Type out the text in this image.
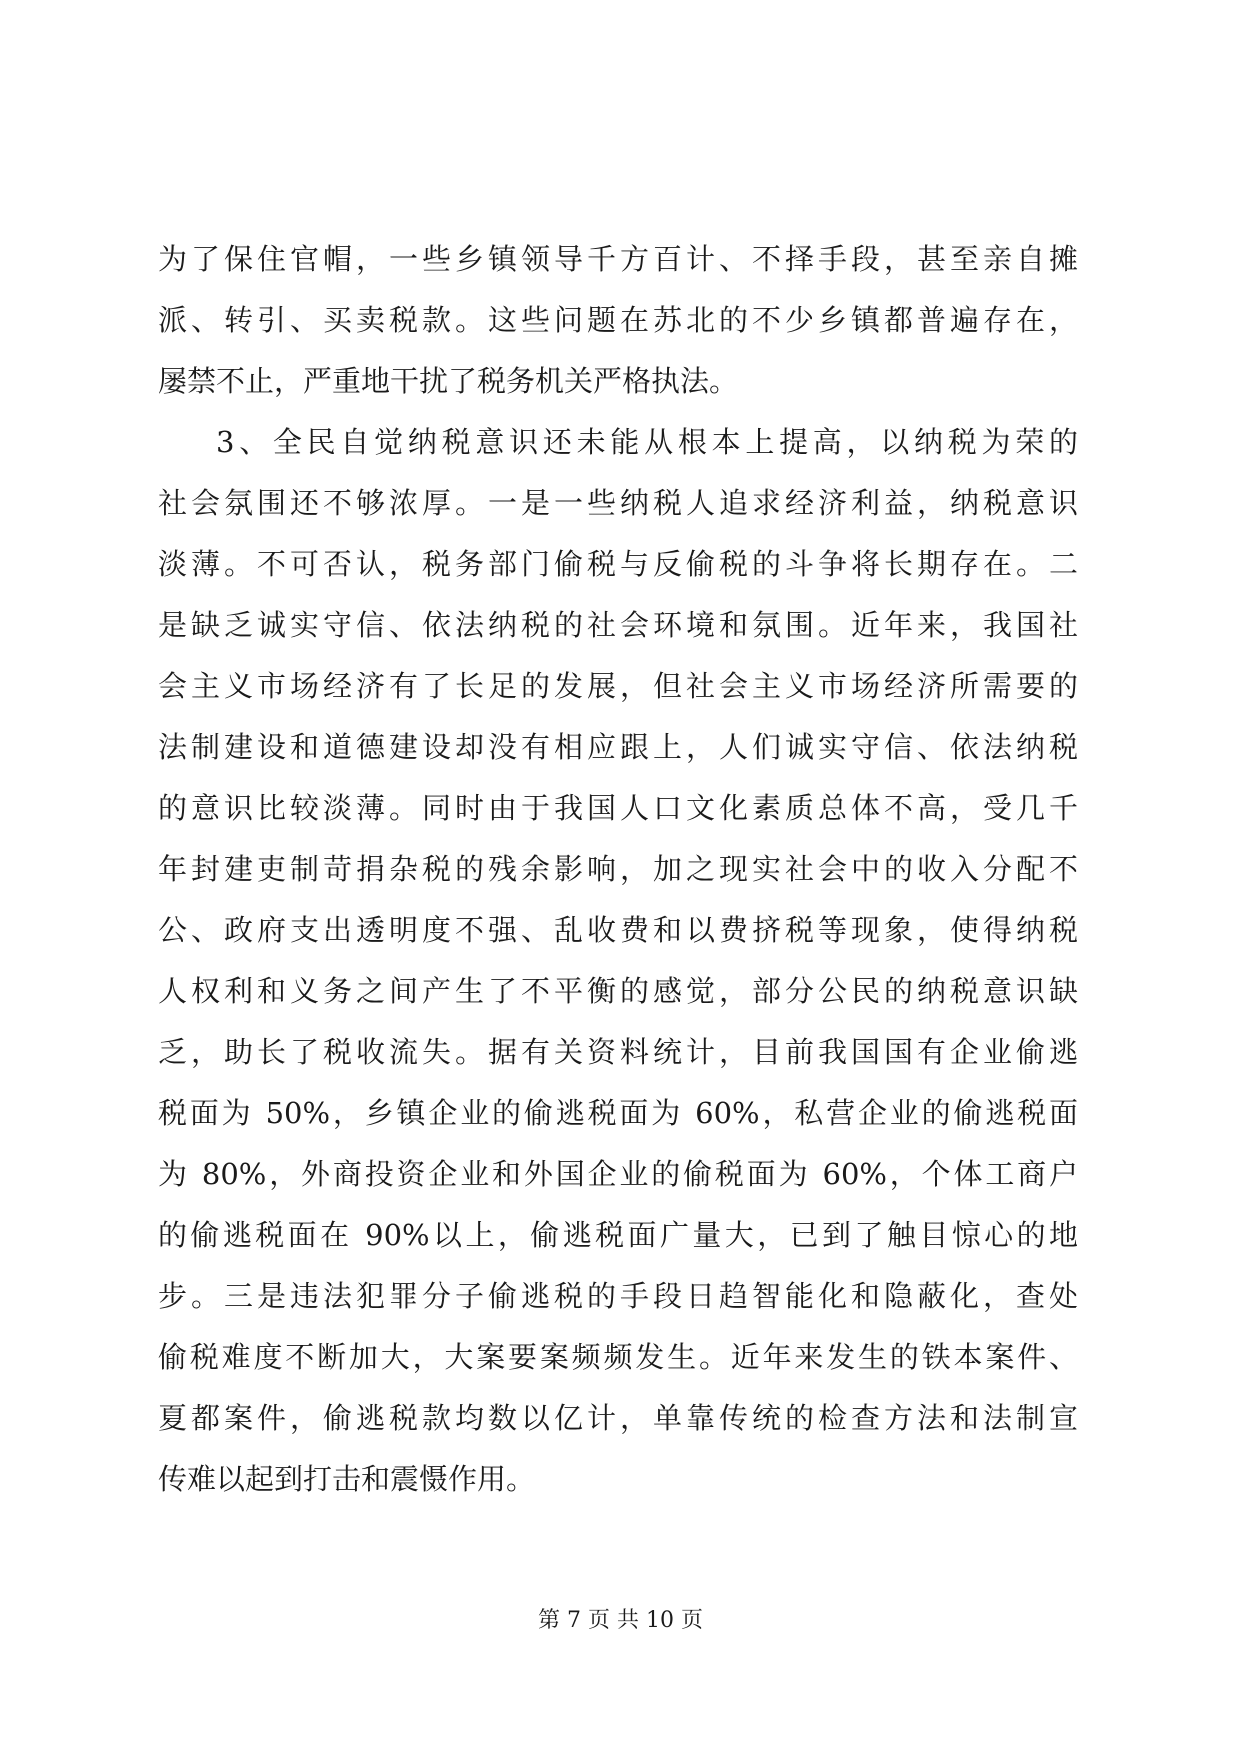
为了保住官帽，一些乡镇领导千方百计、不择手段，甚至亲自摊
派、转引、买卖税款。这些问题在苏北的不少乡镇都普遍存在，
屡禁不止，严重地干扰了税务机关严格执法。
3、全民自觉纳税意识还未能从根本上提高，以纳税为荣的
社会氛围还不够浓厚。一是一些纳税人追求经济利益，纳税意识
淡薄。不可否认，税务部门偷税与反偷税的斗争将长期存在。二
是缺乏诚实守信、依法纳税的社会环境和氛围。近年来，我国社
会主义市场经济有了长足的发展，但社会主义市场经济所需要的
法制建设和道德建设却没有相应跟上，人们诚实守信、依法纳税
的意识比较淡薄。同时由于我国人口文化素质总体不高，受几千
年封建吏制苛捐杂税的残余影响，加之现实社会中的收入分配不
公、政府支出透明度不强、乱收费和以费挤税等现象，使得纳税
人权利和义务之间产生了不平衡的感觉，部分公民的纳税意识缺
乏，助长了税收流失。据有关资料统计，目前我国国有企业偷逃
税面为 50%，乡镇企业的偷逃税面为 60%，私营企业的偷逃税面
为 80%，外商投资企业和外国企业的偷税面为 60%，个体工商户
的偷逃税面在 90%以上，偷逃税面广量大，已到了触目惊心的地
步。三是违法犯罪分子偷逃税的手段日趋智能化和隐蔽化，查处
偷税难度不断加大，大案要案频频发生。近年来发生的铁本案件、
夏都案件，偷逃税款均数以亿计，单靠传统的检查方法和法制宣
传难以起到打击和震慑作用。
第 7 页 共 10 页
